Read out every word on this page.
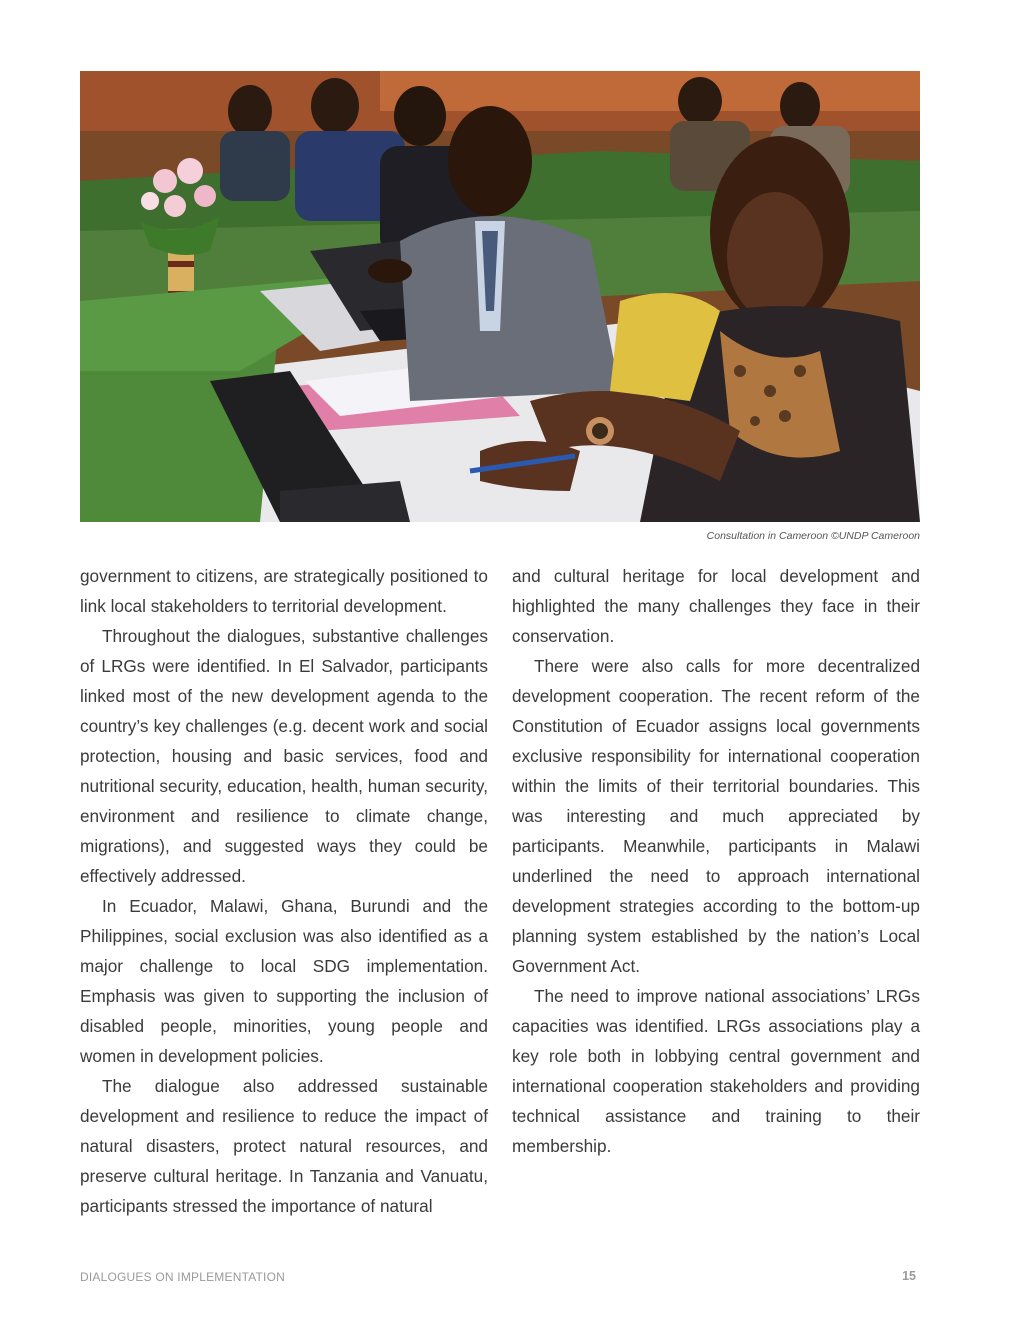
Consultation in Cameroon ©UNDP Cameroon

government to citizens, are strategically positioned to link local stakeholders to territorial development.

Throughout the dialogues, substantive challenges of LRGs were identified. In El Salvador, participants linked most of the new development agenda to the country’s key challenges (e.g. decent work and social protection, housing and basic services, food and nutritional security, education, health, human security, environment and resilience to climate change, migrations), and suggested ways they could be effectively addressed.

In Ecuador, Malawi, Ghana, Burundi and the Philippines, social exclusion was also identified as a major challenge to local SDG implementation. Emphasis was given to supporting the inclusion of disabled people, minorities, young people and women in development policies.

The dialogue also addressed sustainable development and resilience to reduce the impact of natural disasters, protect natural resources, and preserve cultural heritage. In Tanzania and Vanuatu, participants stressed the importance of natural

and cultural heritage for local development and highlighted the many challenges they face in their conservation.

There were also calls for more decentralized development cooperation. The recent reform of the Constitution of Ecuador assigns local governments exclusive responsibility for international cooperation within the limits of their territorial boundaries. This was interesting and much appreciated by participants. Meanwhile, participants in Malawi underlined the need to approach international development strategies according to the bottom-up planning system established by the nation’s Local Government Act.

The need to improve national associations’ LRGs capacities was identified. LRGs associations play a key role both in lobbying central government and international cooperation stakeholders and providing technical assistance and training to their membership.

DIALOGUES ON IMPLEMENTATION	15
